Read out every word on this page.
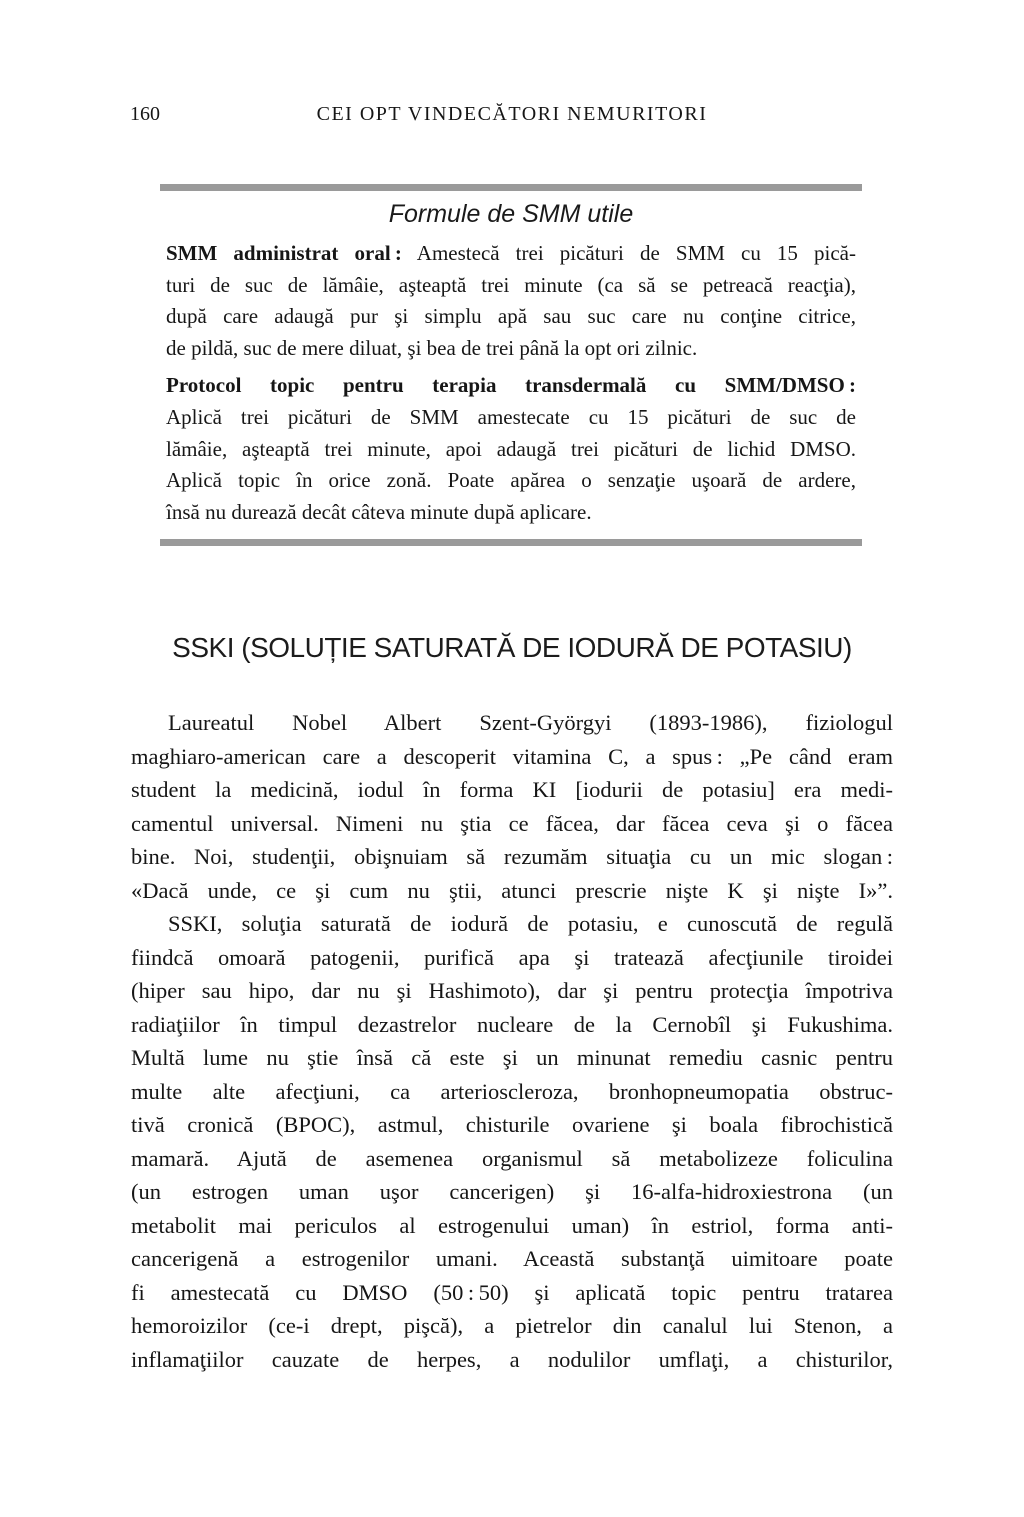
160	CEI OPT VINDECĂTORI NEMURITORI
Formule de SMM utile
SMM administrat oral : Amestecă trei picături de SMM cu 15 pică-
turi de suc de lămâie, aşteaptă trei minute (ca să se petreacă reacţia),
după care adaugă pur şi simplu apă sau suc care nu conţine citrice,
de pildă, suc de mere diluat, şi bea de trei până la opt ori zilnic.
Protocol topic pentru terapia transdermală cu SMM/DMSO :
Aplică trei picături de SMM amestecate cu 15 picături de suc de
lămâie, aşteaptă trei minute, apoi adaugă trei picături de lichid DMSO.
Aplică topic în orice zonă. Poate apărea o senzaţie uşoară de ardere,
însă nu durează decât câteva minute după aplicare.
SSKI (SOLUȚIE SATURATĂ DE IODURĂ DE POTASIU)
Laureatul Nobel Albert Szent-Györgyi (1893-1986), fiziologul
maghiaro-american care a descoperit vitamina C, a spus : „Pe când eram
student la medicină, iodul în forma KI [iodurii de potasiu] era medi-
camentul universal. Nimeni nu ştia ce făcea, dar făcea ceva şi o făcea
bine. Noi, studenţii, obişnuiam să rezumăm situaţia cu un mic slogan :
«Dacă unde, ce şi cum nu ştii, atunci prescrie nişte K şi nişte I»”.
SSKI, soluţia saturată de iodură de potasiu, e cunoscută de regulă
fiindcă omoară patogenii, purifică apa şi tratează afecţiunile tiroidei
(hiper sau hipo, dar nu şi Hashimoto), dar şi pentru protecţia împotriva
radiaţiilor în timpul dezastrelor nucleare de la Cernobîl şi Fukushima.
Multă lume nu ştie însă că este şi un minunat remediu casnic pentru
multe alte afecţiuni, ca arterioscleroza, bronhopneumopatia obstruc-
tivă cronică (BPOC), astmul, chisturile ovariene şi boala fibrochistică
mamară. Ajută de asemenea organismul să metabolizeze foliculina
(un estrogen uman uşor cancerigen) şi 16-alfa-hidroxiestrona (un
metabolit mai periculos al estrogenului uman) în estriol, forma anti-
cancerigenă a estrogenilor umani. Această substanţă uimitoare poate
fi amestecată cu DMSO (50 : 50) şi aplicată topic pentru tratarea
hemoroizilor (ce-i drept, pişcă), a pietrelor din canalul lui Stenon, a
inflamaţiilor cauzate de herpes, a nodulilor umflaţi, a chisturilor,
